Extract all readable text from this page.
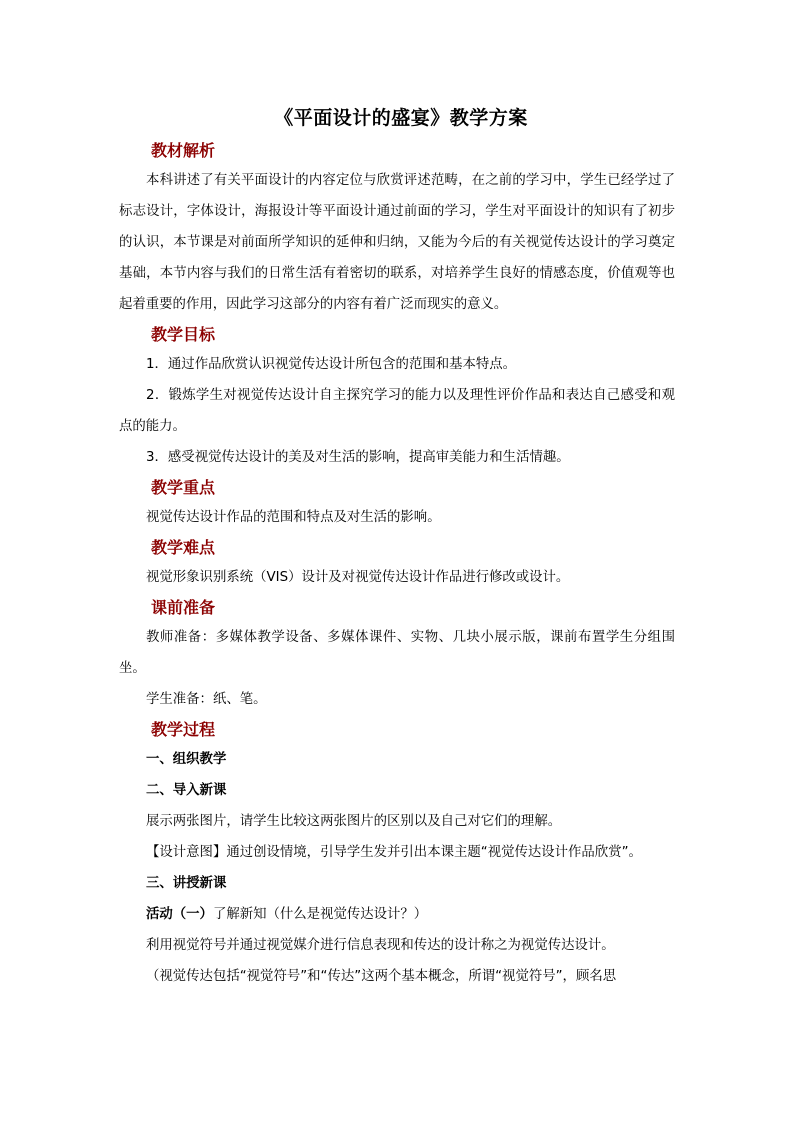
《平面设计的盛宴》教学方案
教材解析

本科讲述了有关平面设计的内容定位与欣赏评述范畴，在之前的学习中，学生已经学过了标志设计，字体设计，海报设计等平面设计通过前面的学习，学生对平面设计的知识有了初步的认识，本节课是对前面所学知识的延伸和归纳，又能为今后的有关视觉传达设计的学习奠定基础，本节内容与我们的日常生活有着密切的联系，对培养学生良好的情感态度，价值观等也起着重要的作用，因此学习这部分的内容有着广泛而现实的意义。

教学目标

1．通过作品欣赏认识视觉传达设计所包含的范围和基本特点。

2．锻炼学生对视觉传达设计自主探究学习的能力以及理性评价作品和表达自己感受和观点的能力。

3．感受视觉传达设计的美及对生活的影响，提高审美能力和生活情趣。

教学重点

视觉传达设计作品的范围和特点及对生活的影响。

教学难点

视觉形象识别系统（VIS）设计及对视觉传达设计作品进行修改或设计。

课前准备

教师准备：多媒体教学设备、多媒体课件、实物、几块小展示版，课前布置学生分组围坐。

学生准备：纸、笔。

教学过程

一、组织教学

二、导入新课

展示两张图片，请学生比较这两张图片的区别以及自己对它们的理解。

【设计意图】通过创设情境，引导学生发并引出本课主题“视觉传达设计作品欣赏”。

三、讲授新课

活动（一）了解新知（什么是视觉传达设计？）

利用视觉符号并通过视觉媒介进行信息表现和传达的设计称之为视觉传达设计。

（视觉传达包括“视觉符号”和“传达”这两个基本概念，所谓“视觉符号”，顾名思
